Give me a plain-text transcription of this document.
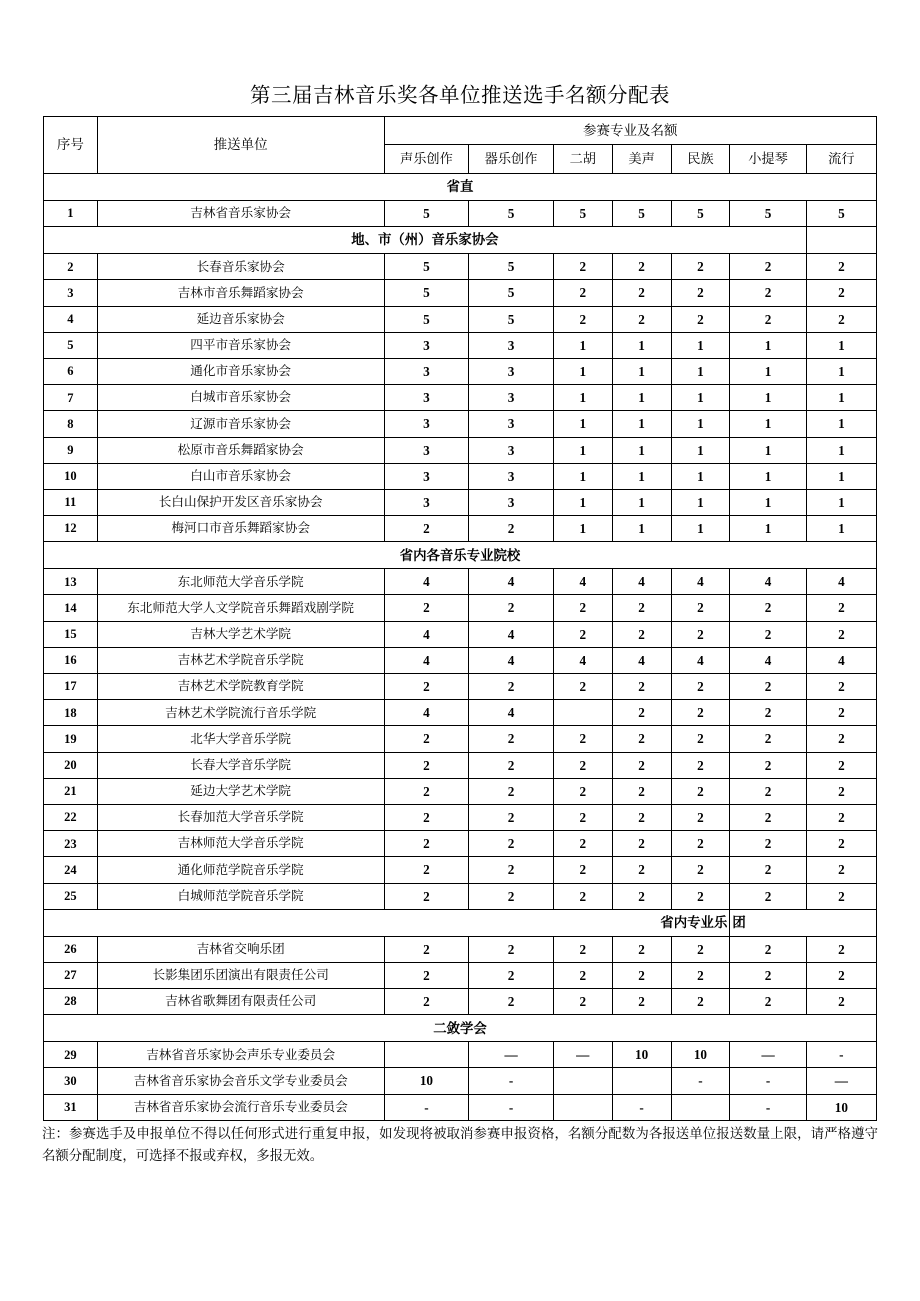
第三届吉林音乐奖各单位推送选手名额分配表
序号	推送单位	参赛专业及名额						
		声乐创作	器乐创作	二胡	美声	民族	小提琴	流行
省直								
1	吉林省音乐家协会	5	5	5	5	5	5	5
地、市（州）音乐家协会								
2	长春音乐家协会	5	5	2	2	2	2	2
3	吉林市音乐舞蹈家协会	5	5	2	2	2	2	2
4	延边音乐家协会	5	5	2	2	2	2	2
5	四平市音乐家协会	3	3	1	1	1	1	1
6	通化市音乐家协会	3	3	1	1	1	1	1
7	白城市音乐家协会	3	3	1	1	1	1	1
8	辽源市音乐家协会	3	3	1	1	1	1	1
9	松原市音乐舞蹈家协会	3	3	1	1	1	1	1
10	白山市音乐家协会	3	3	1	1	1	1	1
11	长白山保护开发区音乐家协会	3	3	1	1	1	1	1
12	梅河口市音乐舞蹈家协会	2	2	1	1	1	1	1
省内各音乐专业院校								
13	东北师范大学音乐学院	4	4	4	4	4	4	4
14	东北师范大学人文学院音乐舞蹈戏剧学院	2	2	2	2	2	2	2
15	吉林大学艺术学院	4	4	2	2	2	2	2
16	吉林艺术学院音乐学院	4	4	4	4	4	4	4
17	吉林艺术学院教育学院	2	2	2	2	2	2	2
18	吉林艺术学院流行音乐学院	4	4		2	2	2	2
19	北华大学音乐学院	2	2	2	2	2	2	2
20	长春大学音乐学院	2	2	2	2	2	2	2
21	延边大学艺术学院	2	2	2	2	2	2	2
22	长春加范大学音乐学院	2	2	2	2	2	2	2
23	吉林师范大学音乐学院	2	2	2	2	2	2	2
24	通化师范学院音乐学院	2	2	2	2	2	2	2
25	白城师范学院音乐学院	2	2	2	2	2	2	2
省内专业乐							团	
26	吉林省交响乐团	2	2	2	2	2	2	2
27	长影集团乐团演出有限责任公司	2	2	2	2	2	2	2
28	吉林省歌舞团有限责任公司	2	2	2	2	2	2	2
二敛学会								
29	吉林省音乐家协会声乐专业委员会		—	—	10	10	—	-
30	吉林省音乐家协会音乐文学专业委员会	10	-			-	-	—
31	吉林省音乐家协会流行音乐专业委员会	-	-		-		-	10

注：参赛选手及申报单位不得以任何形式进行重复申报，如发现将被取消参赛申报资格，名额分配数为各报送单位报送数量上限，请严格遵守名额分配制度，可选择不报或弃权，多报无效。
